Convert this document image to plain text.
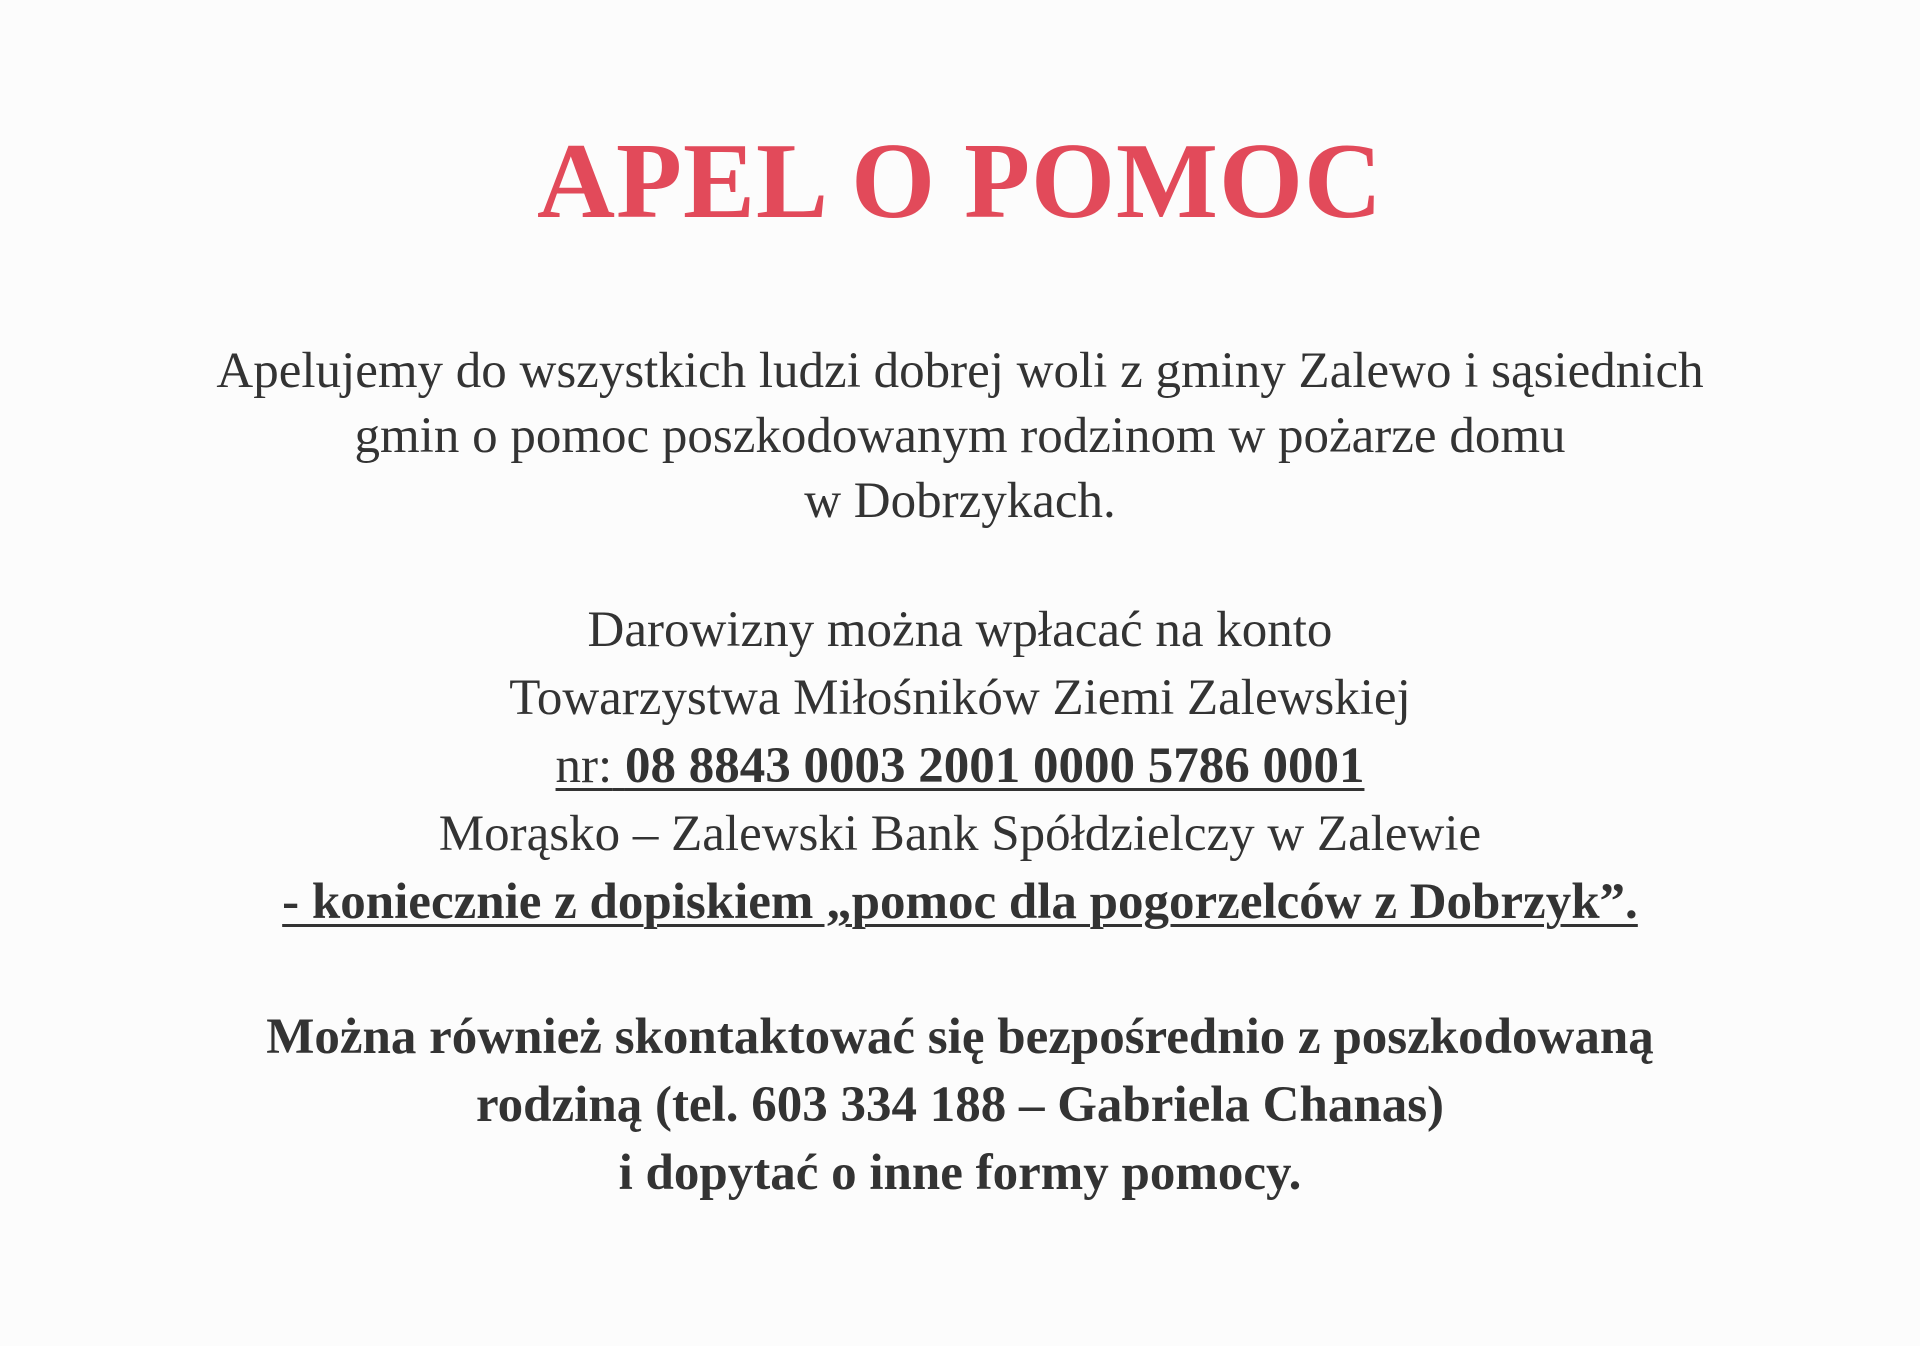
APEL O POMOC
Apelujemy do wszystkich ludzi dobrej woli z gminy Zalewo i sąsiednich
gmin o pomoc poszkodowanym rodzinom w pożarze domu
w Dobrzykach.
Darowizny można wpłacać na konto
Towarzystwa Miłośników Ziemi Zalewskiej
nr: 08 8843 0003 2001 0000 5786 0001
Morąsko – Zalewski Bank Spółdzielczy w Zalewie
- koniecznie z dopiskiem „pomoc dla pogorzelców z Dobrzyk”.
Można również skontaktować się bezpośrednio z poszkodowaną
rodziną (tel. 603 334 188 – Gabriela Chanas)
i dopytać o inne formy pomocy.
